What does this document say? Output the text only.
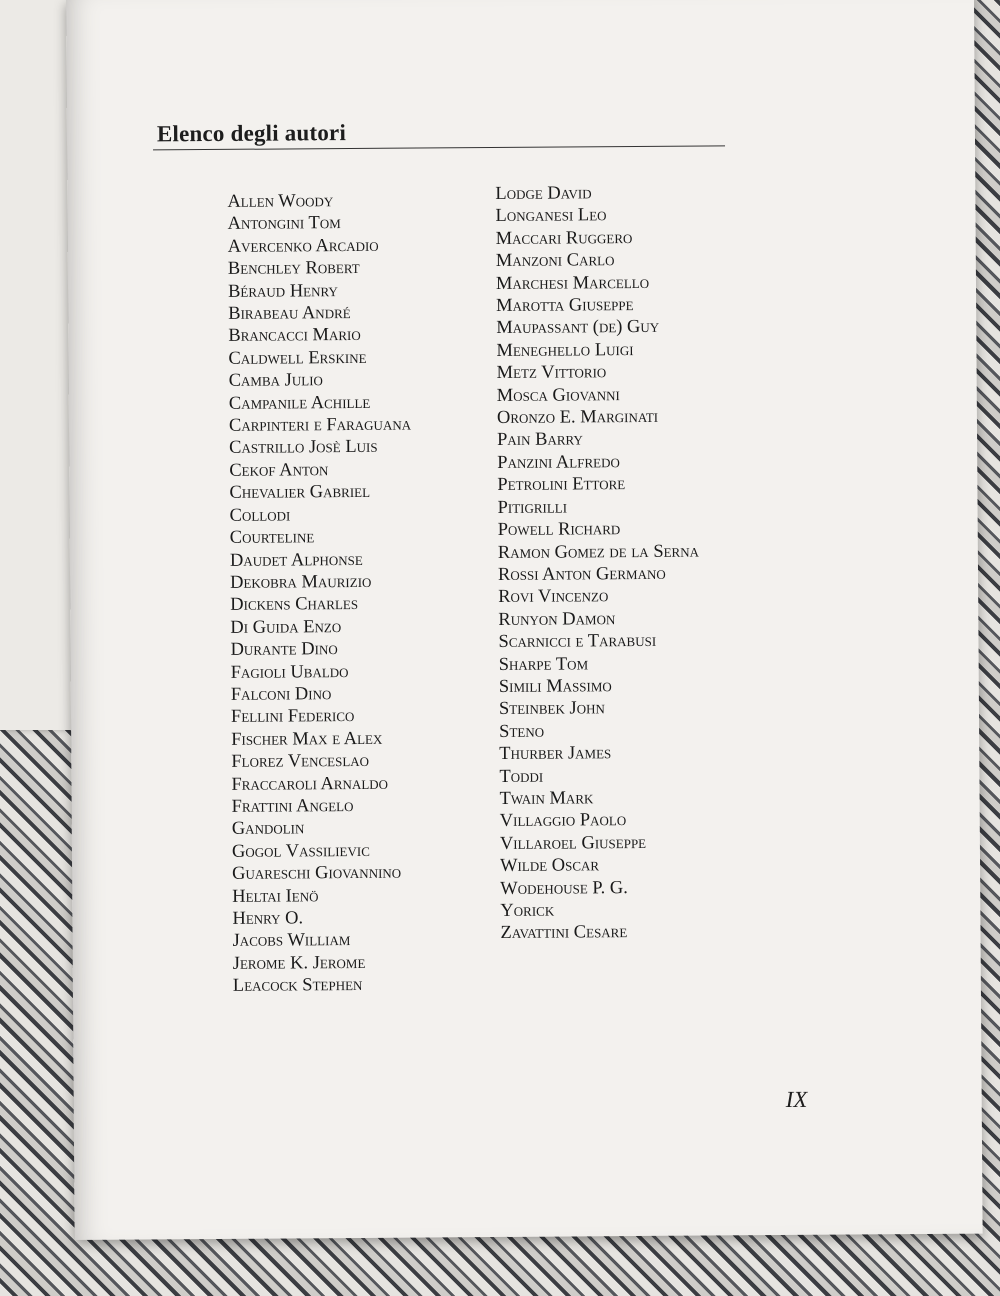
Elenco degli autori
Allen Woody
Antongini Tom
Avercenko Arcadio
Benchley Robert
Béraud Henry
Birabeau André
Brancacci Mario
Caldwell Erskine
Camba Julio
Campanile Achille
Carpinteri e Faraguana
Castrillo Josè Luis
Cekof Anton
Chevalier Gabriel
Collodi
Courteline
Daudet Alphonse
Dekobra Maurizio
Dickens Charles
Di Guida Enzo
Durante Dino
Fagioli Ubaldo
Falconi Dino
Fellini Federico
Fischer Max e Alex
Florez Venceslao
Fraccaroli Arnaldo
Frattini Angelo
Gandolin
Gogol Vassilievic
Guareschi Giovannino
Heltai Ienö
Henry O.
Jacobs William
Jerome K. Jerome
Leacock Stephen
Lodge David
Longanesi Leo
Maccari Ruggero
Manzoni Carlo
Marchesi Marcello
Marotta Giuseppe
Maupassant (de) Guy
Meneghello Luigi
Metz Vittorio
Mosca Giovanni
Oronzo E. Marginati
Pain Barry
Panzini Alfredo
Petrolini Ettore
Pitigrilli
Powell Richard
Ramon Gomez de la Serna
Rossi Anton Germano
Rovi Vincenzo
Runyon Damon
Scarnicci e Tarabusi
Sharpe Tom
Simili Massimo
Steinbek John
Steno
Thurber James
Toddi
Twain Mark
Villaggio Paolo
Villaroel Giuseppe
Wilde Oscar
Wodehouse P. G.
Yorick
Zavattini Cesare
IX
